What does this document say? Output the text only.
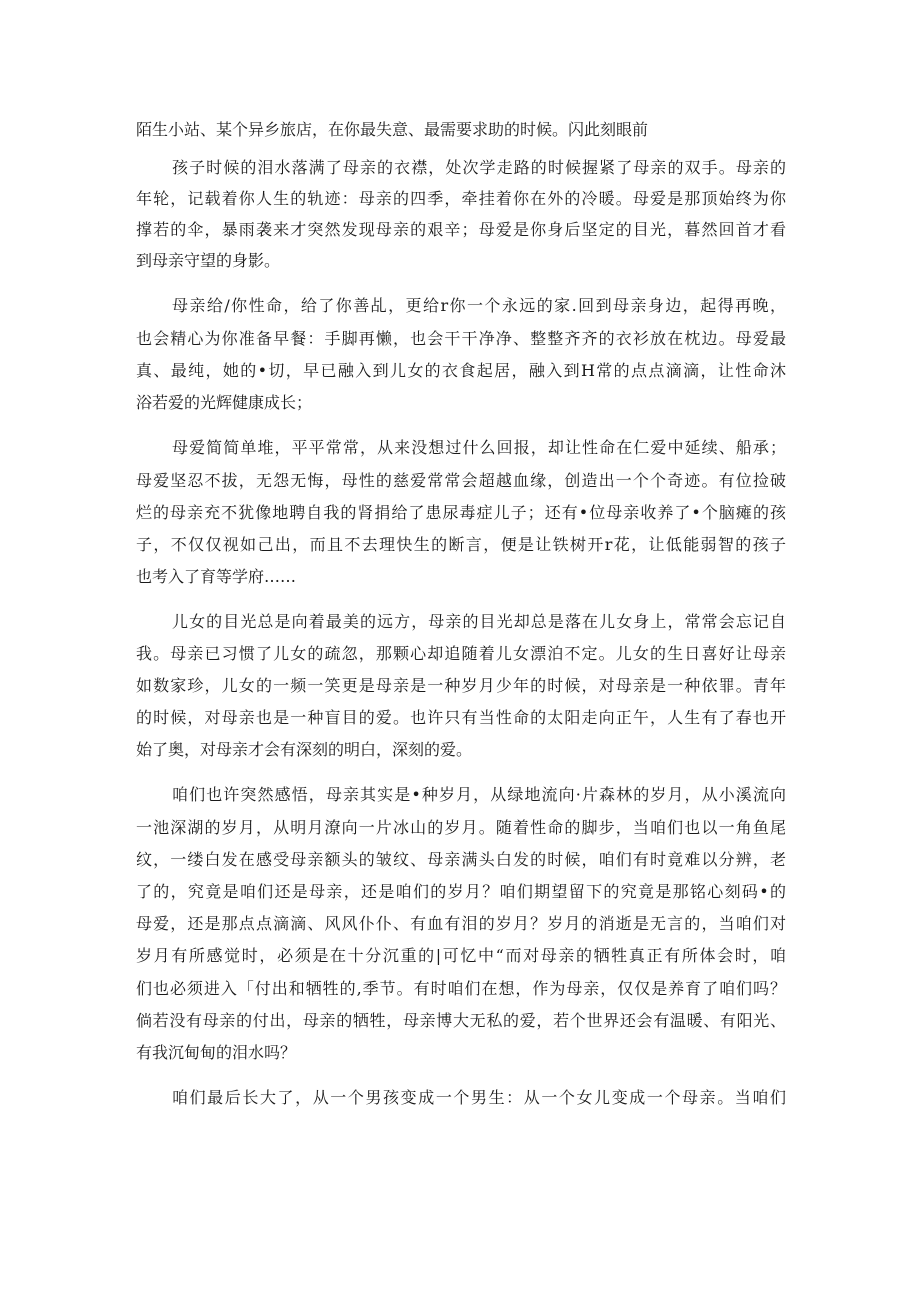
陌生小站、某个异乡旅店，在你最失意、最需要求助的时候。闪此刻眼前
孩子时候的泪水落满了母亲的衣襟，处次学走路的时候握紧了母亲的双手。母亲的
年轮，记载着你人生的轨迹：母亲的四季，牵挂着你在外的冷暖。母爱是那顶始终为你
撑若的伞，暴雨袭来才突然发现母亲的艰辛；母爱是你身后坚定的目光，暮然回首才看
到母亲守望的身影。
母亲给/你性命，给了你善乩，更给r你一个永远的家.回到母亲身边，起得再晚，
也会精心为你准备早餐：手脚再懒，也会干干净净、整整齐齐的衣衫放在枕边。母爱最
真、最纯，她的•切，早已融入到儿女的衣食起居，融入到H常的点点滴滴，让性命沐
浴若爱的光辉健康成长；
母爱简简单堆，平平常常，从来没想过什么回报，却让性命在仁爱中延续、船承；
母爱坚忍不拔，无怨无悔，母性的慈爱常常会超越血缘，创造出一个个奇迹。有位捡破
烂的母亲充不犹像地聘自我的肾捐给了患尿毒症儿子；还有•位母亲收养了•个脑瘫的孩
子，不仅仅视如己出，而且不去理快生的断言，便是让铁树开r花，让低能弱智的孩子
也考入了育等学府……
儿女的目光总是向着最美的远方，母亲的目光却总是落在儿女身上，常常会忘记自
我。母亲已习惯了儿女的疏忽，那颗心却追随着儿女漂泊不定。儿女的生日喜好让母亲
如数家珍，儿女的一频一笑更是母亲是一种岁月少年的时候，对母亲是一种依罪。青年
的时候，对母亲也是一种盲目的爱。也许只有当性命的太阳走向正午，人生有了春也开
始了奥，对母亲才会有深刻的明白，深刻的爱。
咱们也许突然感悟，母亲其实是•种岁月，从绿地流向·片森林的岁月，从小溪流向
一池深湖的岁月，从明月潦向一片冰山的岁月。随着性命的脚步，当咱们也以一角鱼尾
纹，一缕白发在感受母亲额头的皱纹、母亲满头白发的时候，咱们有时竟难以分辨，老
了的，究竟是咱们还是母亲，还是咱们的岁月？咱们期望留下的究竟是那铭心刻码•的
母爱，还是那点点滴滴、风风仆仆、有血有泪的岁月？岁月的消逝是无言的，当咱们对
岁月有所感觉时，必须是在十分沉重的|可忆中“而对母亲的牺牲真正有所体会时，咱
们也必须进入「付出和牺牲的,季节。有时咱们在想，作为母亲，仅仅是养育了咱们吗？
倘若没有母亲的付出，母亲的牺牲，母亲博大无私的爱，若个世界还会有温暖、有阳光、
有我沉甸甸的泪水吗？
咱们最后长大了，从一个男孩变成一个男生：从一个女儿变成一个母亲。当咱们
